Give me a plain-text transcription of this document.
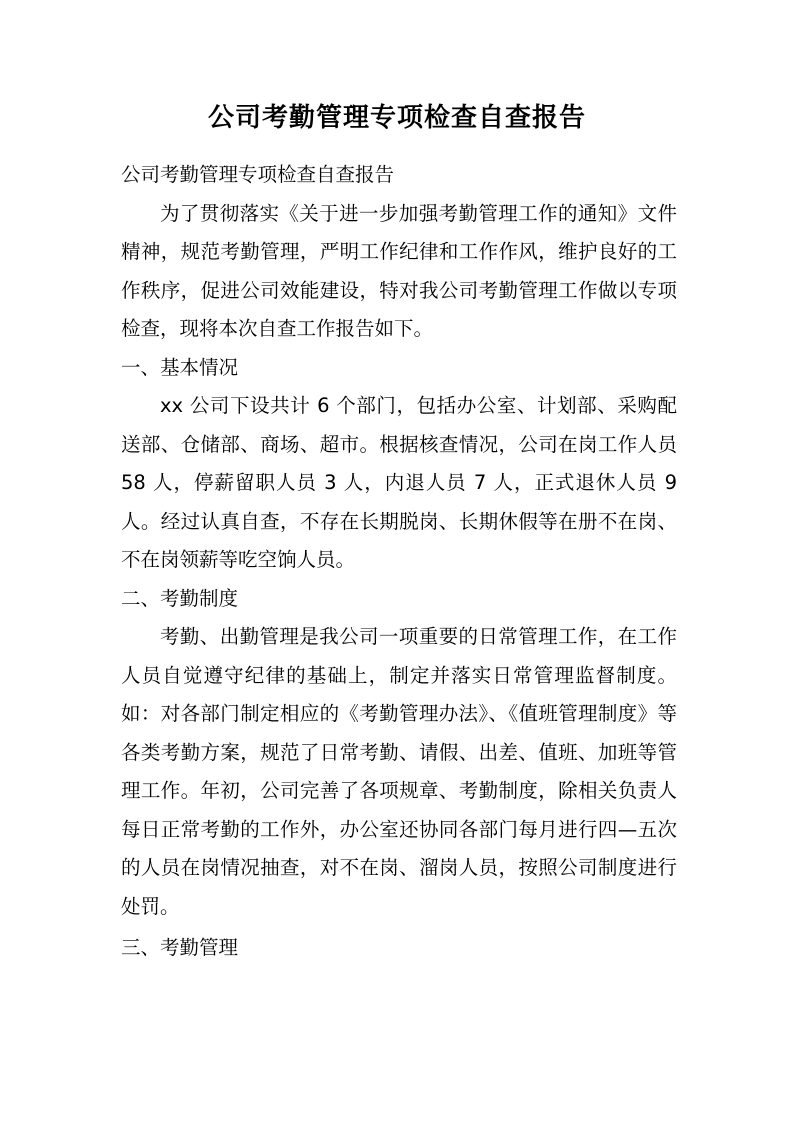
公司考勤管理专项检查自查报告

公司考勤管理专项检查自查报告

为了贯彻落实《关于进一步加强考勤管理工作的通知》文件精神，规范考勤管理，严明工作纪律和工作作风，维护良好的工作秩序，促进公司效能建设，特对我公司考勤管理工作做以专项检查，现将本次自查工作报告如下。

一、基本情况

xx 公司下设共计 6 个部门，包括办公室、计划部、采购配送部、仓储部、商场、超市。根据核查情况，公司在岗工作人员 58 人，停薪留职人员 3 人，内退人员 7 人，正式退休人员 9 人。经过认真自查，不存在长期脱岗、长期休假等在册不在岗、不在岗领薪等吃空饷人员。

二、考勤制度

考勤、出勤管理是我公司一项重要的日常管理工作，在工作人员自觉遵守纪律的基础上，制定并落实日常管理监督制度。如：对各部门制定相应的《考勤管理办法》、《值班管理制度》等各类考勤方案，规范了日常考勤、请假、出差、值班、加班等管理工作。年初，公司完善了各项规章、考勤制度，除相关负责人每日正常考勤的工作外，办公室还协同各部门每月进行四—五次的人员在岗情况抽查，对不在岗、溜岗人员，按照公司制度进行处罚。

三、考勤管理
